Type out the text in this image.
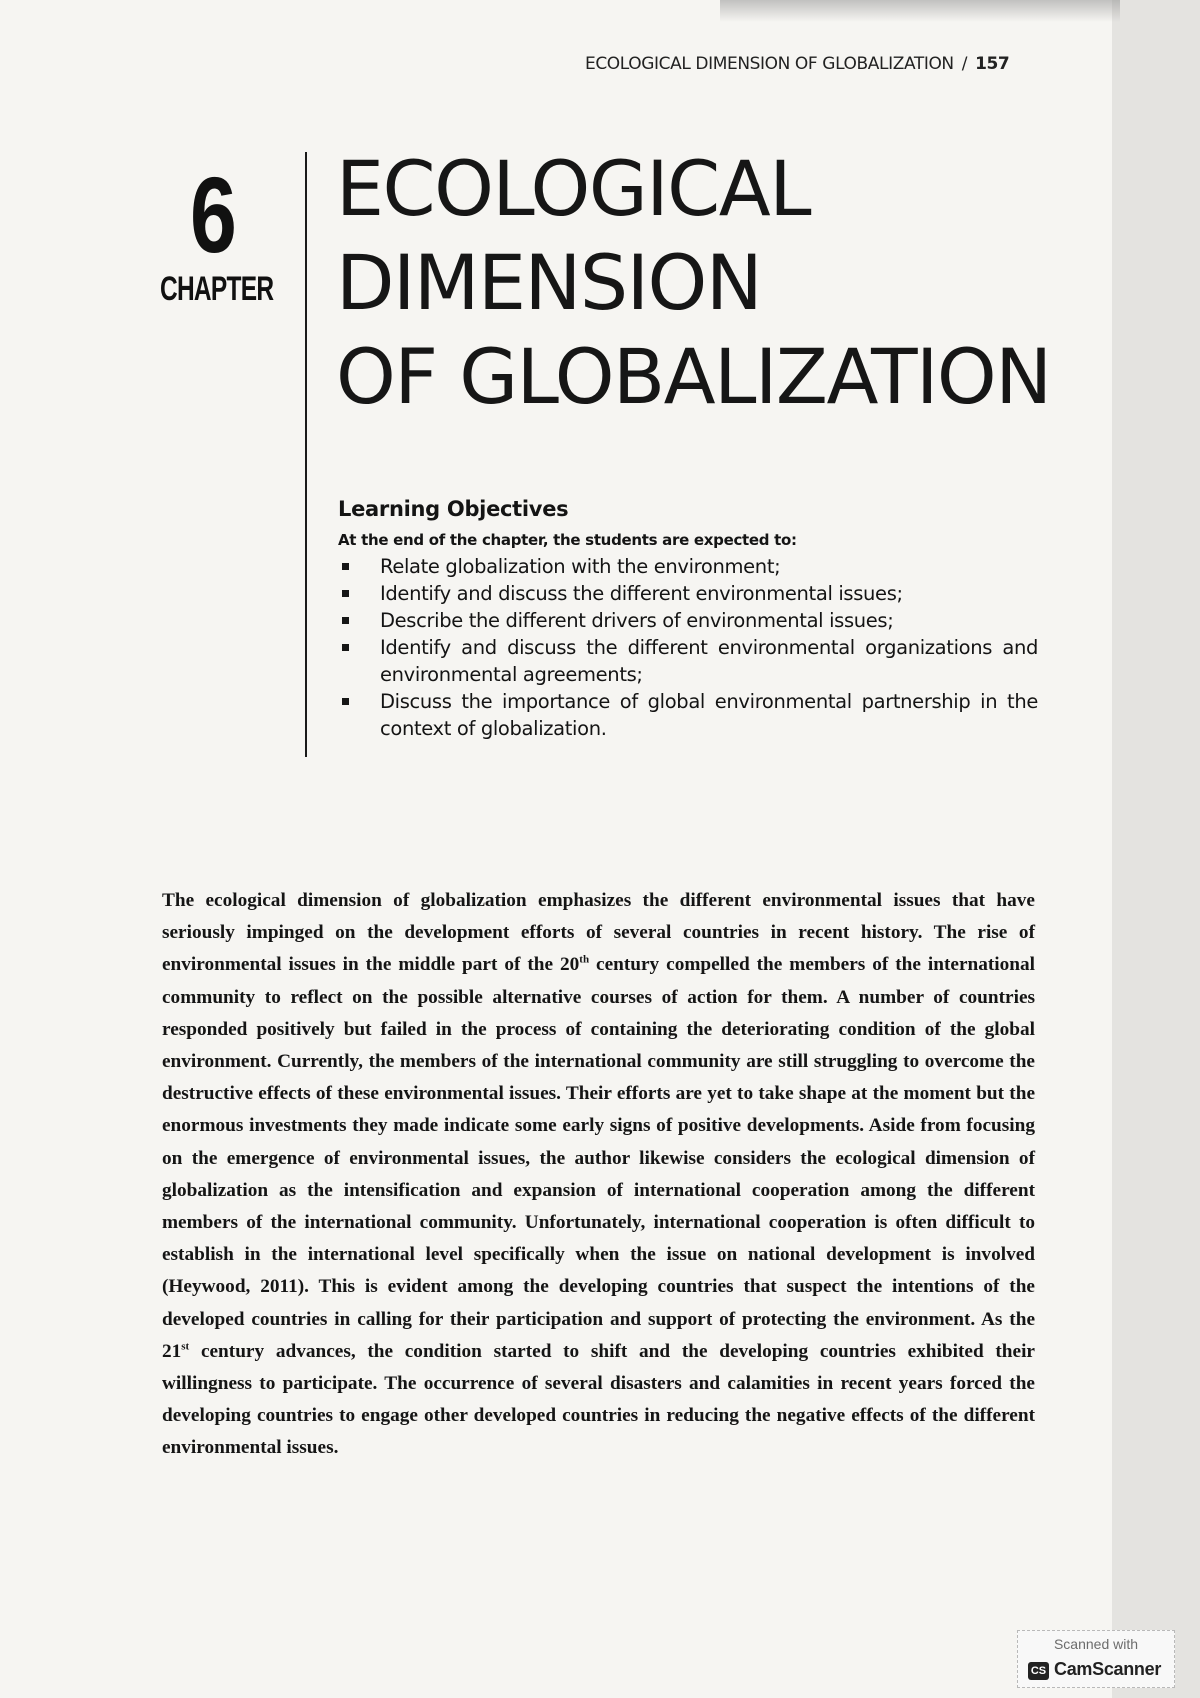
ECOLOGICAL DIMENSION OF GLOBALIZATION / 157
6
CHAPTER
ECOLOGICAL
DIMENSION
OF GLOBALIZATION
Learning Objectives
At the end of the chapter, the students are expected to:
Relate globalization with the environment;
Identify and discuss the different environmental issues;
Describe the different drivers of environmental issues;
Identify and discuss the different environmental organizations and environmental agreements;
Discuss the importance of global environmental partnership in the context of globalization.

The ecological dimension of globalization emphasizes the different environmental issues that have seriously impinged on the development efforts of several countries in recent history. The rise of environmental issues in the middle part of the 20th century compelled the members of the international community to reflect on the possible alternative courses of action for them. A number of countries responded positively but failed in the process of containing the deteriorating condition of the global environment. Currently, the members of the international community are still struggling to overcome the destructive effects of these environmental issues. Their efforts are yet to take shape at the moment but the enormous investments they made indicate some early signs of positive developments. Aside from focusing on the emergence of environmental issues, the author likewise considers the ecological dimension of globalization as the intensification and expansion of international cooperation among the different members of the international community. Unfortunately, international cooperation is often difficult to establish in the international level specifically when the issue on national development is involved (Heywood, 2011). This is evident among the developing countries that suspect the intentions of the developed countries in calling for their participation and support of protecting the environment. As the 21st century advances, the condition started to shift and the developing countries exhibited their willingness to participate. The occurrence of several disasters and calamities in recent years forced the developing countries to engage other developed countries in reducing the negative effects of the different environmental issues.

Scanned with
CS CamScanner
